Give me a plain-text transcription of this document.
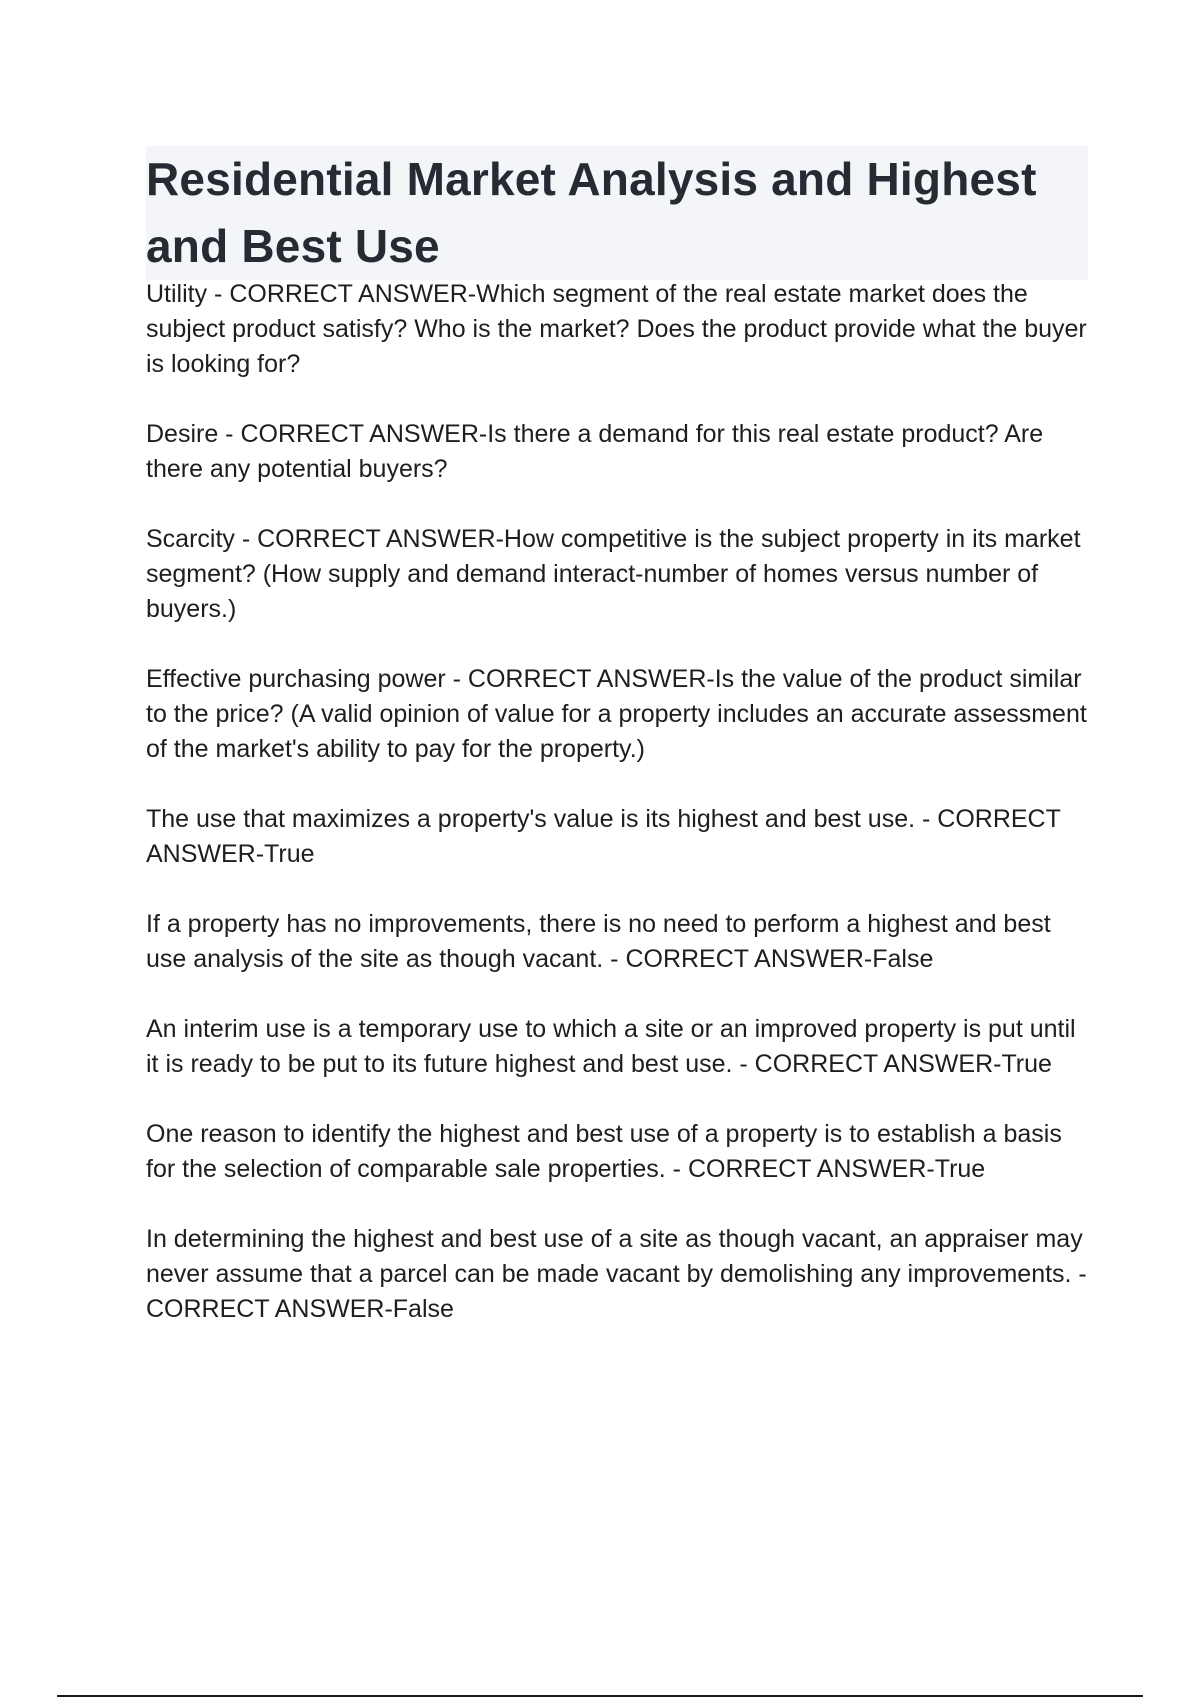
Residential Market Analysis and Highest and Best Use

Utility - CORRECT ANSWER-Which segment of the real estate market does the subject product satisfy? Who is the market? Does the product provide what the buyer is looking for?

Desire - CORRECT ANSWER-Is there a demand for this real estate product? Are there any potential buyers?

Scarcity - CORRECT ANSWER-How competitive is the subject property in its market segment? (How supply and demand interact-number of homes versus number of buyers.)

Effective purchasing power - CORRECT ANSWER-Is the value of the product similar to the price? (A valid opinion of value for a property includes an accurate assessment of the market's ability to pay for the property.)

The use that maximizes a property's value is its highest and best use. - CORRECT ANSWER-True

If a property has no improvements, there is no need to perform a highest and best use analysis of the site as though vacant. - CORRECT ANSWER-False

An interim use is a temporary use to which a site or an improved property is put until it is ready to be put to its future highest and best use. - CORRECT ANSWER-True

One reason to identify the highest and best use of a property is to establish a basis for the selection of comparable sale properties. - CORRECT ANSWER-True

In determining the highest and best use of a site as though vacant, an appraiser may never assume that a parcel can be made vacant by demolishing any improvements. - CORRECT ANSWER-False
